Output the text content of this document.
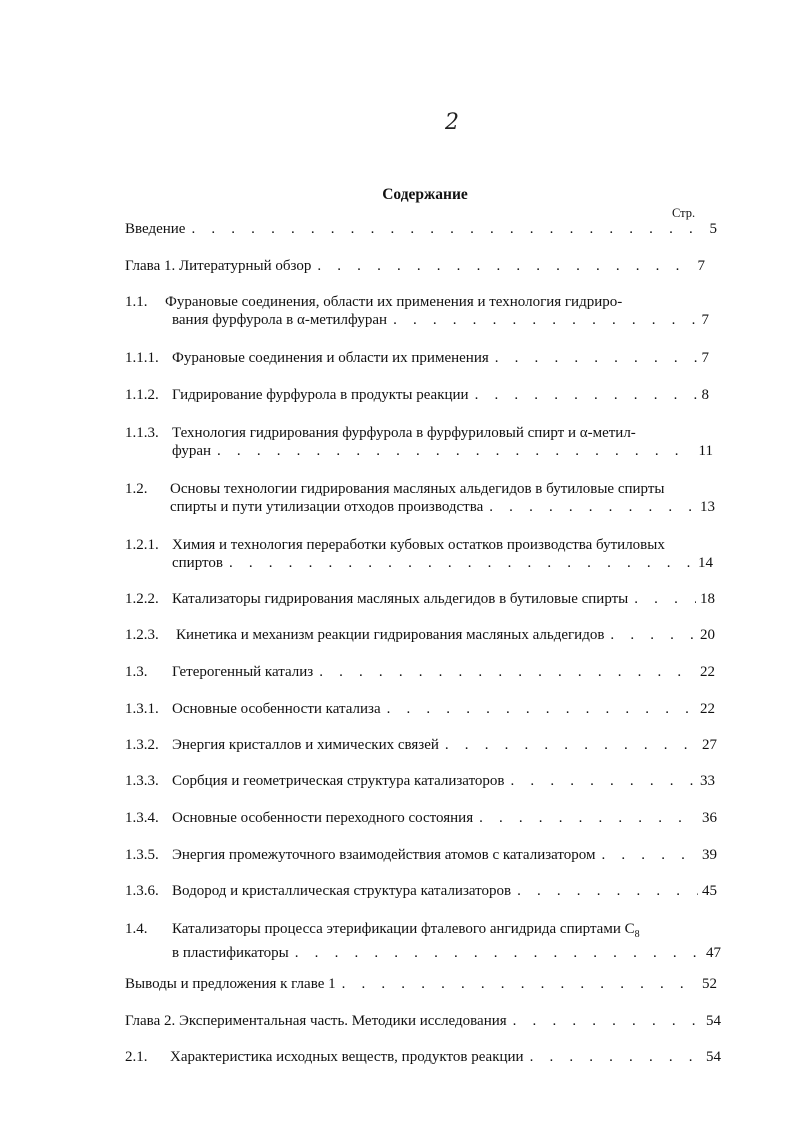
2
Содержание
Стр.
Введение . . .	5
Глава 1. Литературный обзор . . .	7
1.1.	Фурановые соединения, области их применения и технология гидриро-
вания фурфурола в α-метилфуран . . .	7
1.1.1. Фурановые соединения и области их применения . . .	7
1.1.2. Гидрирование фурфурола в продукты реакции . . .	8
1.1.3. Технология гидрирования фурфурола в фурфуриловый спирт и α-метил-
фуран . . .	11
1.2.	Основы технологии гидрирования масляных альдегидов в бутиловые спирты
спирты и пути утилизации отходов производства . . .	13
1.2.1. Химия и технология переработки кубовых остатков производства бутиловых
спиртов . . .	14
1.2.2. Катализаторы гидрирования масляных альдегидов в бутиловые спирты . . .	18
1.2.3.	Кинетика и механизм реакции гидрирования масляных альдегидов . . .	20
1.3.	Гетерогенный катализ . . .	22
1.3.1. Основные особенности катализа . . .	22
1.3.2. Энергия кристаллов и химических связей . . .	27
1.3.3. Сорбция и геометрическая структура катализаторов . . .	33
1.3.4. Основные особенности переходного состояния . . .	36
1.3.5. Энергия промежуточного взаимодействия атомов с катализатором . . .	39
1.3.6. Водород и кристаллическая структура катализаторов . . .	45
1.4.	Катализаторы процесса этерификации фталевого ангидрида спиртами $C_8$
в пластификаторы . . .	47
Выводы и предложения к главе 1 . . .	52
Глава 2. Экспериментальная часть. Методики исследования . . .	54
2.1.	Характеристика исходных веществ, продуктов реакции . . .	54
